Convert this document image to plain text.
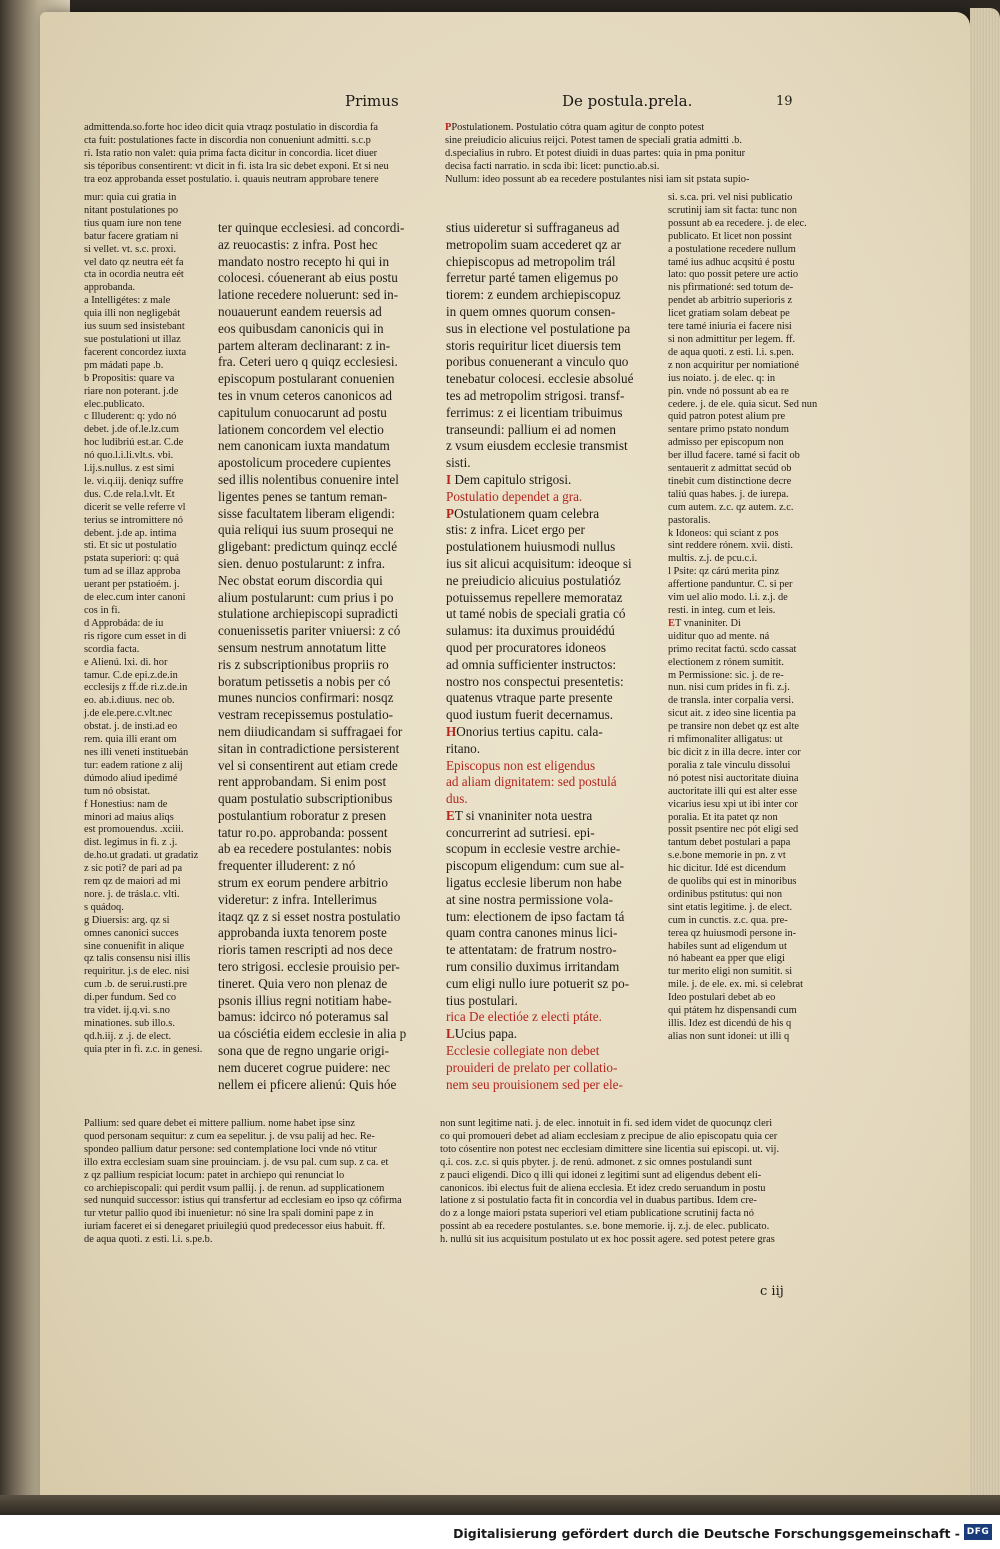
Primus	De postula.prela.	19

admittenda.so.forte hoc ideo dicit quia vtraqz postulatio in discordia fa

cta fuit: postulationes facte in discordia non conueniunt admitti. s.c.p

ri. Ista ratio non valet: quia prima facta dicitur in concordia. licet diuer

sis téporibus consentirent: vt dicit in fi. ista lra sic debet exponi. Et si neu

tra eoz approbanda esset postulatio. i. quauis neutram approbare tenere

PPostulationem. Postulatio cótra quam agitur de conpto potest

sine preiudicio alicuius reijci. Potest tamen de speciali gratia admitti .b.

d.specialius in rubro. Et potest diuidi in duas partes: quia in pma ponitur

decisa facti narratio. in scda ibi: licet: punctio.ab.si.

Nullum: ideo possunt ab ea recedere postulantes nisi iam sit pstata supio-

mur: quia cui gratia in

nitant postulationes po

tius quam iure non tene

batur facere gratiam ni

si vellet. vt. s.c. proxi.

vel dato qz neutra eét fa

cta in ocordia neutra eét

approbanda.

a Intelligétes: z male

quia illi non negligebát

ius suum sed insistebant

sue postulationi ut illaz

facerent concordez iuxta

pm mádati pape .b.

b Propositis: quare va

riare non poterant. j.de

elec.publicato.

c Illuderent: q: ydo nó

debet. j.de of.le.lz.cum

hoc ludibriú est.ar. C.de

nó quo.l.i.li.vlt.s. vbi.

l.ij.s.nullus. z est simi

le. vi.q.iij. deniqz suffre

dus. C.de rela.l.vlt. Et

dicerit se velle referre vl

terius se intromittere nó

debent. j.de ap. intima

sti. Et sic ut postulatio

pstata superiori: q: quá

tum ad se illaz approba

uerant per pstatioém. j.

de elec.cum inter canoni

cos in fi.

d Approbáda: de iu

ris rigore cum esset in di

scordia facta.

e Alienú. lxi. di. hor

tamur. C.de epi.z.de.in

ecclesijs z ff.de ri.z.de.in

eo. ab.i.diuus. nec ob.

j.de ele.pere.c.vlt.nec

obstat. j. de insti.ad eo

rem. quia illi erant om

nes illi veneti instituebán

tur: eadem ratione z alij

dúmodo aliud ipedimé

tum nó obsistat.

f Honestius: nam de

minori ad maius aliqs

est promouendus. .xciii.

dist. legimus in fi. z .j.

de.ho.ut gradati. ut gradatiz

z sic poti? de pari ad pa

rem qz de maiori ad mi

nore. j. de trásla.c. vlti.

s quádoq.

g Diuersis: arg. qz si

omnes canonici succes

sine conuenifit in alique

qz talis consensu nisi illis

requiritur. j.s de elec. nisi

cum .b. de serui.rusti.pre

di.per fundum. Sed co

tra videt. ij.q.vi. s.no

minationes. sub illo.s.

qd.h.iij. z .j. de elect.

quia pter in fi. z.c. in genesi.

ter quinque ecclesiesi. ad concordi-

az reuocastis: z infra. Post hec

mandato nostro recepto hi qui in

colocesi. cóuenerant ab eius postu

latione recedere noluerunt: sed in-

nouauerunt eandem reuersis ad

eos quibusdam canonicis qui in

partem alteram declinarant: z in-

fra. Ceteri uero q quiqz ecclesiesi.

episcopum postularant conuenien

tes in vnum ceteros canonicos ad

capitulum conuocarunt ad postu

lationem concordem vel electio

nem canonicam iuxta mandatum

apostolicum procedere cupientes

sed illis nolentibus conuenire intel

ligentes penes se tantum reman-

sisse facultatem liberam eligendi:

quia reliqui ius suum prosequi ne

gligebant: predictum quinqz ecclé

sien. denuo postularunt: z infra.

Nec obstat eorum discordia qui

alium postularunt: cum prius i po

stulatione archiepiscopi supradicti

conuenissetis pariter vniuersi: z có

sensum nestrum annotatum litte

ris z subscriptionibus propriis ro

boratum petissetis a nobis per có

munes nuncios confirmari: nosqz

vestram recepissemus postulatio-

nem diiudicandam si suffragaei for

sitan in contradictione persisterent

vel si consentirent aut etiam crede

rent approbandam. Si enim post

quam postulatio subscriptionibus

postulantium roboratur z presen

tatur ro.po. approbanda: possent

ab ea recedere postulantes: nobis

frequenter illuderent: z nó

strum ex eorum pendere arbitrio

videretur: z infra. Intellerimus

itaqz qz z si esset nostra postulatio

approbanda iuxta tenorem poste

rioris tamen rescripti ad nos dece

tero strigosi. ecclesie prouisio per-

tineret. Quia vero non plenaz de

psonis illius regni notitiam habe-

bamus: idcirco nó poteramus sal

ua cósciétia eidem ecclesie in alia p

sona que de regno ungarie origi-

nem duceret cogrue puidere: nec

nellem ei pficere alienú: Quis hóe

stius uideretur si suffraganeus ad

metropolim suam accederet qz ar

chiepiscopus ad metropolim trál

ferretur parté tamen eligemus po

tiorem: z eundem archiepiscopuz

in quem omnes quorum consen-

sus in electione vel postulatione pa

storis requiritur licet diuersis tem

poribus conuenerant a vinculo quo

tenebatur colocesi. ecclesie absolué

tes ad metropolim strigosi. transf-

ferrimus: z ei licentiam tribuimus

transeundi: pallium ei ad nomen

z vsum eiusdem ecclesie transmist

sisti.

I Dem capitulo strigosi.

Postulatio dependet a gra.

POstulationem quam celebra

stis: z infra. Licet ergo per

postulationem huiusmodi nullus

ius sit alicui acquisitum: ideoque si

ne preiudicio alicuius postulatióz

potuissemus repellere memorataz

ut tamé nobis de speciali gratia có

sulamus: ita duximus prouidédú

quod per procuratores idoneos

ad omnia sufficienter instructos:

nostro nos conspectui presentetis:

quatenus vtraque parte presente

quod iustum fuerit decernamus.

HOnorius tertius capitu. cala-

ritano.

Episcopus non est eligendus

ad aliam dignitatem: sed postulá

dus.

ET si vnaniniter nota uestra

concurrerint ad sutriesi. epi-

scopum in ecclesie vestre archie-

piscopum eligendum: cum sue al-

ligatus ecclesie liberum non habe

at sine nostra permissione vola-

tum: electionem de ipso factam tá

quam contra canones minus lici-

te attentatam: de fratrum nostro-

rum consilio duximus irritandam

cum eligi nullo iure potuerit sz po-

tius postulari.

rica De electióe z electi ptáte.

LUcius papa.

Ecclesie collegiate non debet

prouideri de prelato per collatio-

nem seu prouisionem sed per ele-

si. s.ca. pri. vel nisi publicatio

scrutinij iam sit facta: tunc non

possunt ab ea recedere. j. de elec.

publicato. Et licet non possint

a postulatione recedere nullum

tamé ius adhuc acqsitú é postu

lato: quo possit petere ure actio

nis pfirmationé: sed totum de-

pendet ab arbitrio superioris z

licet gratiam solam debeat pe

tere tamé iniuria ei facere nisi

si non admittitur per legem. ff.

de aqua quoti. z esti. l.i. s.pen.

z non acquiritur per nomiationé

ius noiato. j. de elec. q: in

pin. vnde nó possunt ab ea re

cedere. j. de ele. quia sicut. Sed nun

quid patron potest alium pre

sentare primo pstato nondum

admisso per episcopum non

ber illud facere. tamé si facit ob

sentauerit z admittat secúd ob

tinebit cum distinctione decre

taliú quas habes. j. de iurepa.

cum autem. z.c. qz autem. z.c.

pastoralis.

k Idoneos: qui sciant z pos

sint reddere rónem. xvii. disti.

multis. z.j. de pcu.c.i.

l Psite: qz cárú merita pinz

affertione panduntur. C. si per

vim uel alio modo. l.i. z.j. de

resti. in integ. cum et leis.

ET vnaniniter. Di

uiditur quo ad mente. ná

primo recitat factú. scdo cassat

electionem z rónem sumitit.

m Permissione: sic. j. de re-

nun. nisi cum prides in fi. z.j.

de transla. inter corpalia versi.

sicut ait. z ideo sine licentia pa

pe transire non debet qz est alte

ri mfimonaliter alligatus: ut

bic dicit z in illa decre. inter cor

poralia z tale vinculu dissolui

nó potest nisi auctoritate diuina

auctoritate illi qui est alter esse

vicarius iesu xpi ut ibi inter cor

poralia. Et ita patet qz non

possit psentire nec pót eligi sed

tantum debet postulari a papa

s.e.bone memorie in pn. z vt

hic dicitur. Idé est dicendum

de quolibs qui est in minoribus

ordinibus pstitutus: qui non

sint etatis legitime. j. de elect.

cum in cunctis. z.c. qua. pre-

terea qz huiusmodi persone in-

habiles sunt ad eligendum ut

nó habeant ea pper que eligi

tur merito eligi non sumitit. si

mile. j. de ele. ex. mi. si celebrat

Ideo postulari debet ab eo

qui ptátem hz dispensandi cum

illis. Idez est dicendú de his q

alias non sunt idonei: ut illi q

Pallium: sed quare debet ei mittere pallium. nome habet ipse sinz

quod personam sequitur: z cum ea sepelitur. j. de vsu palij ad hec. Re-

spondeo pallium datur persone: sed contemplatione loci vnde nó vtitur

illo extra ecclesiam suam sine prouinciam. j. de vsu pal. cum sup. z ca. et

z qz pallium respiciat locum: patet in archiepo qui renunciat lo

co archiepiscopali: qui perdit vsum pallij. j. de renun. ad supplicationem

sed nunquid successor: istius qui transfertur ad ecclesiam eo ipso qz cófirma

tur vtetur pallio quod ibi inuenietur: nó sine lra spali domini pape z in

iuriam faceret ei si denegaret priuilegiú quod predecessor eius habuit. ff.

de aqua quoti. z esti. l.i. s.pe.b.

non sunt legitime nati. j. de elec. innotuit in fi. sed idem videt de quocunqz cleri

co qui promoueri debet ad aliam ecclesiam z precipue de alio episcopatu quia cer

toto cósentire non potest nec ecclesiam dimittere sine licentia sui episcopi. ut. vij.

q.i. cos. z.c. si quis pbyter. j. de renú. admonet. z sic omnes postulandi sunt

z pauci eligendi. Dico q illi qui idonei z legitimi sunt ad eligendus debent eli-

canonicos. ibi electus fuit de aliena ecclesia. Et idez credo seruandum in postu

latione z si postulatio facta fit in concordia vel in duabus partibus. Idem cre-

do z a longe maiori pstata superiori vel etiam publicatione scrutinij facta nó

possint ab ea recedere postulantes. s.e. bone memorie. ij. z.j. de elec. publicato.

h. nullú sit ius acquisitum postulato ut ex hoc possit agere. sed potest petere gras

c iij
Digitalisierung gefördert durch die Deutsche Forschungsgemeinschaft - DFG
